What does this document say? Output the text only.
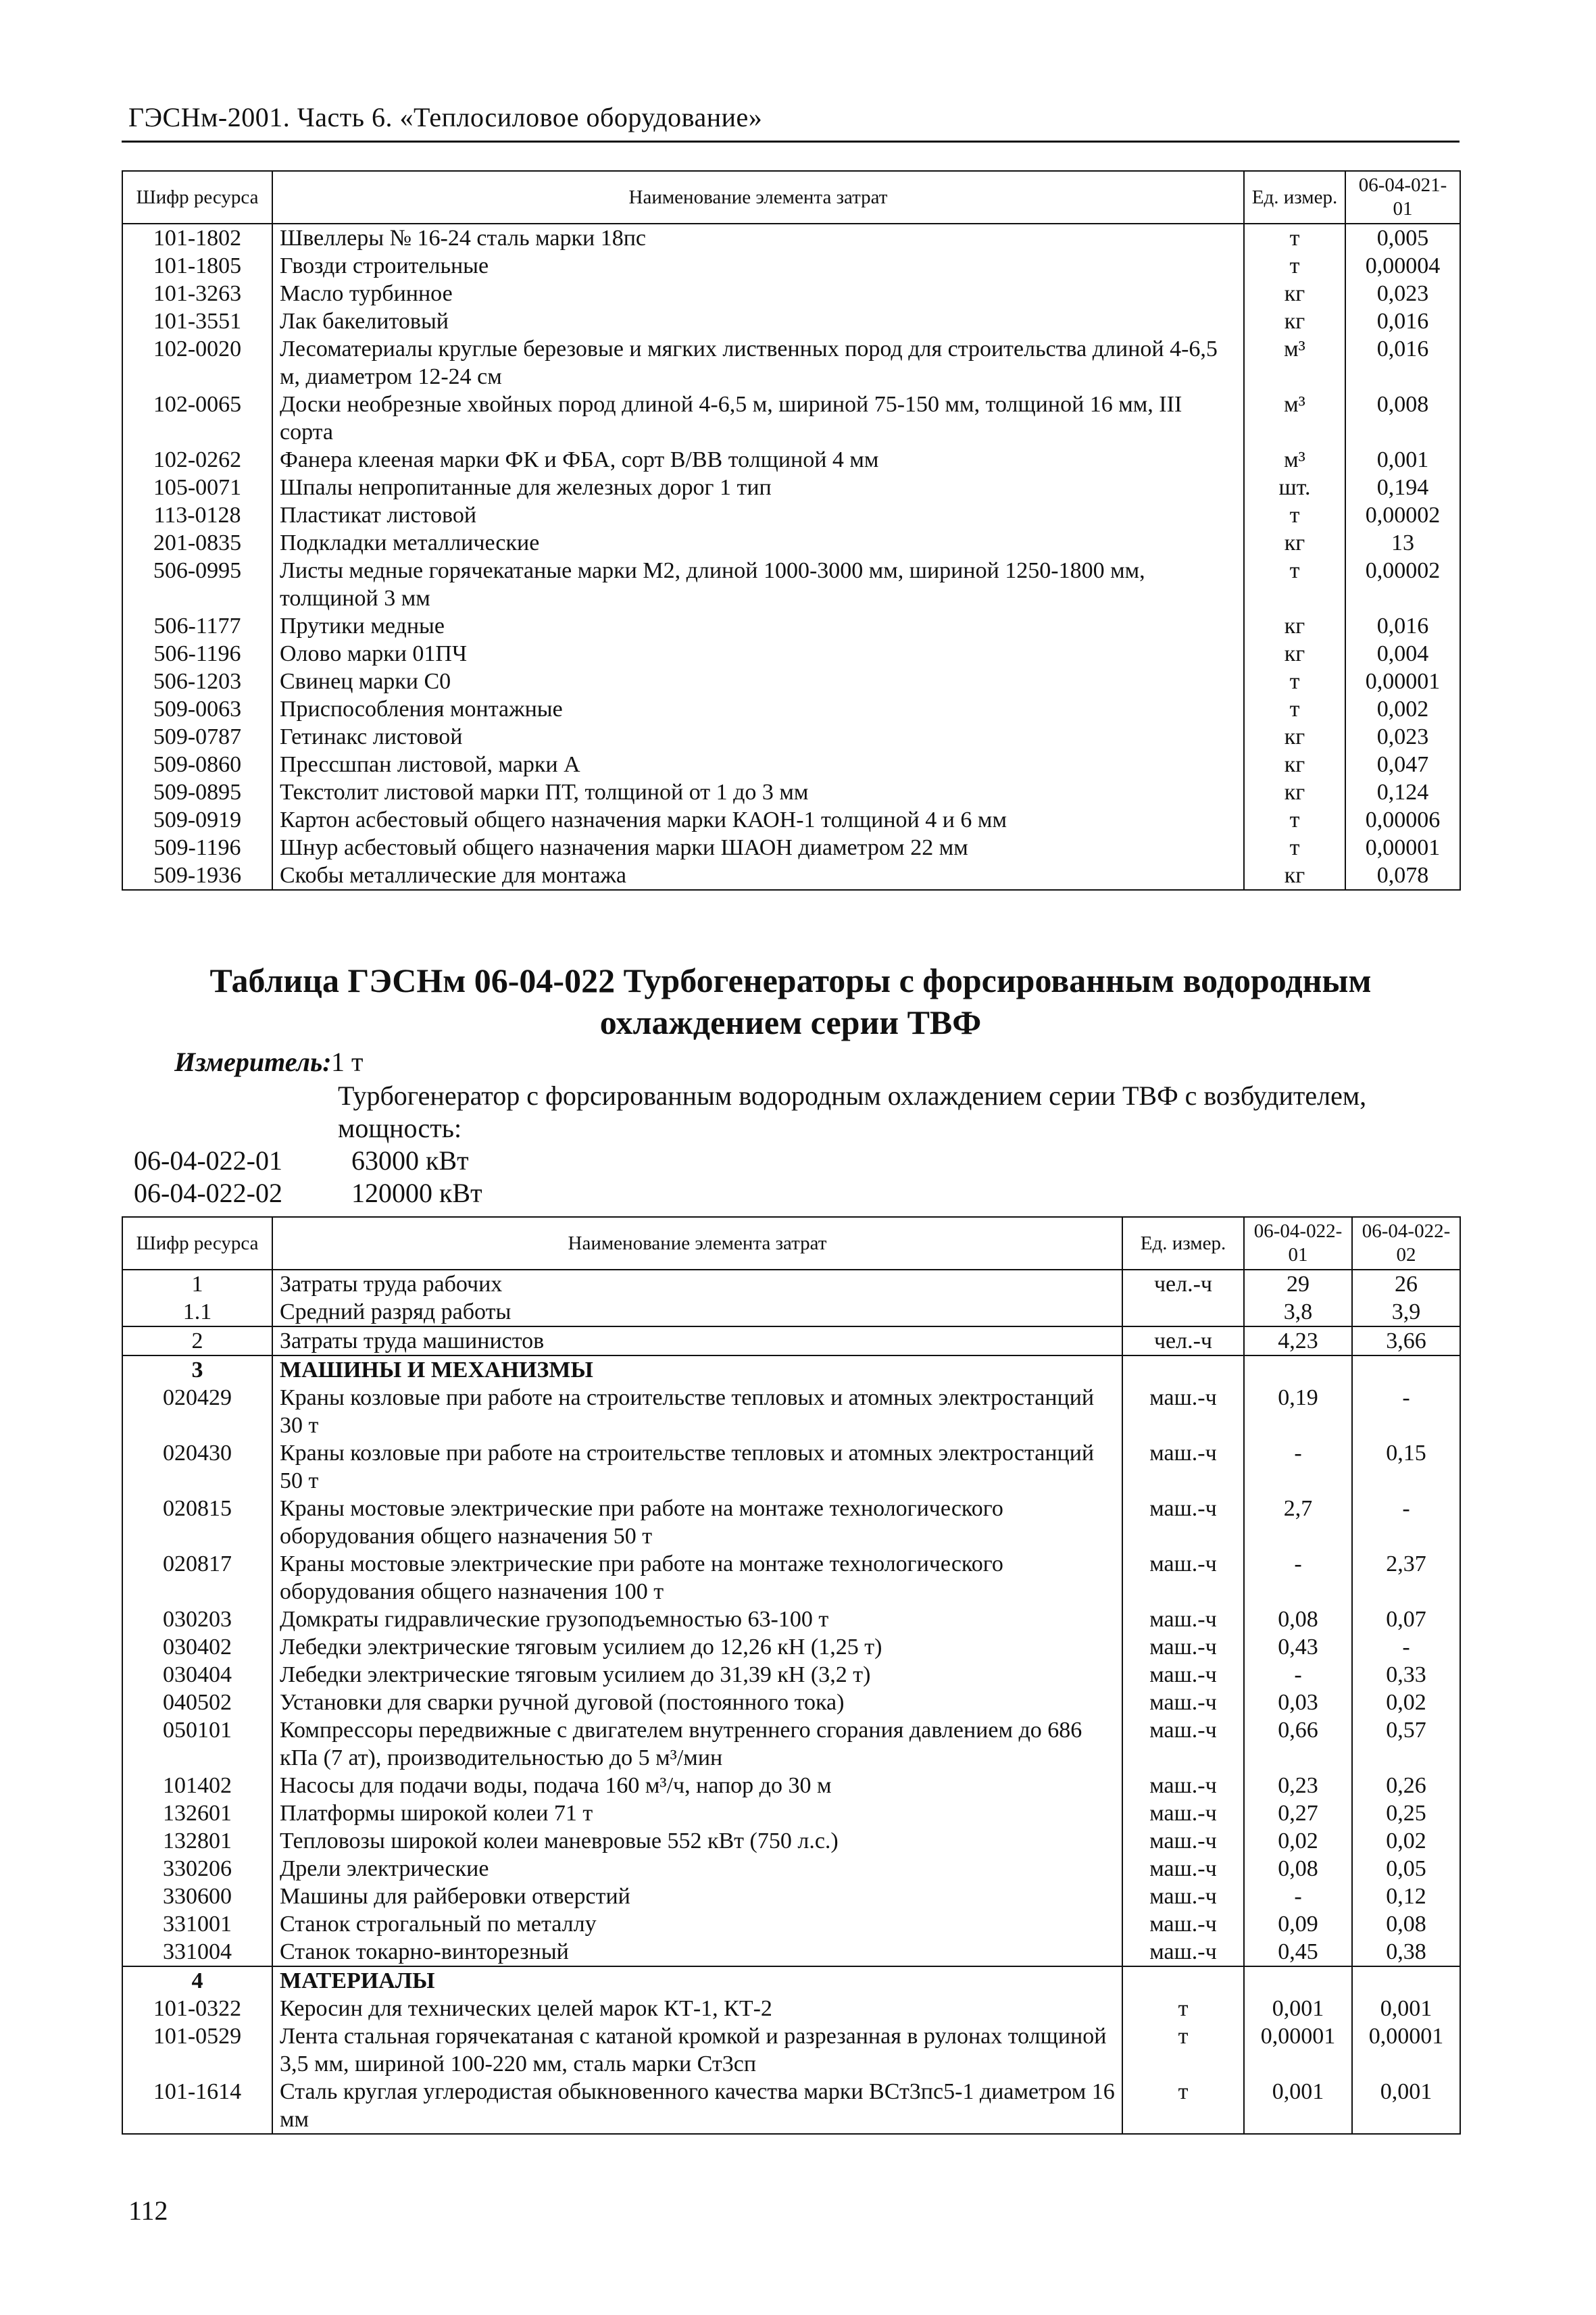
ГЭСНм-2001. Часть 6. «Теплосиловое оборудование»
Шифр ресурса	Наименование элемента затрат	Ед. измер.	06-04-021-01
101-1802	Швеллеры № 16-24 сталь марки 18пс	т	0,005
101-1805	Гвозди строительные	т	0,00004
101-3263	Масло турбинное	кг	0,023
101-3551	Лак бакелитовый	кг	0,016
102-0020	Лесоматериалы круглые березовые и мягких лиственных пород для строительства длиной 4-6,5 м, диаметром 12-24 см	м³	0,016
102-0065	Доски необрезные хвойных пород длиной 4-6,5 м, шириной 75-150 мм, толщиной 16 мм, III сорта	м³	0,008
102-0262	Фанера клееная марки ФК и ФБА, сорт В/ВВ толщиной 4 мм	м³	0,001
105-0071	Шпалы непропитанные для железных дорог 1 тип	шт.	0,194
113-0128	Пластикат листовой	т	0,00002
201-0835	Подкладки металлические	кг	13
506-0995	Листы медные горячекатаные марки М2, длиной 1000-3000 мм, шириной 1250-1800 мм, толщиной 3 мм	т	0,00002
506-1177	Прутики медные	кг	0,016
506-1196	Олово марки 01ПЧ	кг	0,004
506-1203	Свинец марки С0	т	0,00001
509-0063	Приспособления монтажные	т	0,002
509-0787	Гетинакс листовой	кг	0,023
509-0860	Прессшпан листовой, марки А	кг	0,047
509-0895	Текстолит листовой марки ПТ, толщиной от 1 до 3 мм	кг	0,124
509-0919	Картон асбестовый общего назначения марки КАОН-1 толщиной 4 и 6 мм	т	0,00006
509-1196	Шнур асбестовый общего назначения марки ШАОН диаметром 22 мм	т	0,00001
509-1936	Скобы металлические для монтажа	кг	0,078
Таблица ГЭСНм 06-04-022 Турбогенераторы с форсированным водородным
охлаждением серии ТВФ
Измеритель: 1 т
Турбогенератор с форсированным водородным охлаждением серии ТВФ с возбудителем,
мощность:
06-04-022-01	63000 кВт
06-04-022-02	120000 кВт
Шифр ресурса	Наименование элемента затрат	Ед. измер.	06-04-022-01	06-04-022-02
1	Затраты труда рабочих	чел.-ч	29	26
1.1	Средний разряд работы		3,8	3,9
2	Затраты труда машинистов	чел.-ч	4,23	3,66
3	МАШИНЫ И МЕХАНИЗМЫ			
020429	Краны козловые при работе на строительстве тепловых и атомных электростанций 30 т	маш.-ч	0,19	-
020430	Краны козловые при работе на строительстве тепловых и атомных электростанций 50 т	маш.-ч	-	0,15
020815	Краны мостовые электрические при работе на монтаже технологического оборудования общего назначения 50 т	маш.-ч	2,7	-
020817	Краны мостовые электрические при работе на монтаже технологического оборудования общего назначения 100 т	маш.-ч	-	2,37
030203	Домкраты гидравлические грузоподъемностью 63-100 т	маш.-ч	0,08	0,07
030402	Лебедки электрические тяговым усилием до 12,26 кН (1,25 т)	маш.-ч	0,43	-
030404	Лебедки электрические тяговым усилием до 31,39 кН (3,2 т)	маш.-ч	-	0,33
040502	Установки для сварки ручной дуговой (постоянного тока)	маш.-ч	0,03	0,02
050101	Компрессоры передвижные с двигателем внутреннего сгорания давлением до 686 кПа (7 ат), производительностью до 5 м³/мин	маш.-ч	0,66	0,57
101402	Насосы для подачи воды, подача 160 м³/ч, напор до 30 м	маш.-ч	0,23	0,26
132601	Платформы широкой колеи 71 т	маш.-ч	0,27	0,25
132801	Тепловозы широкой колеи маневровые 552 кВт (750 л.с.)	маш.-ч	0,02	0,02
330206	Дрели электрические	маш.-ч	0,08	0,05
330600	Машины для райберовки отверстий	маш.-ч	-	0,12
331001	Станок строгальный по металлу	маш.-ч	0,09	0,08
331004	Станок токарно-винторезный	маш.-ч	0,45	0,38
4	МАТЕРИАЛЫ			
101-0322	Керосин для технических целей марок КТ-1, КТ-2	т	0,001	0,001
101-0529	Лента стальная горячекатаная с катаной кромкой и разрезанная в рулонах толщиной 3,5 мм, шириной 100-220 мм, сталь марки Ст3сп	т	0,00001	0,00001
101-1614	Сталь круглая углеродистая обыкновенного качества марки ВСт3пс5-1 диаметром 16 мм	т	0,001	0,001
112
